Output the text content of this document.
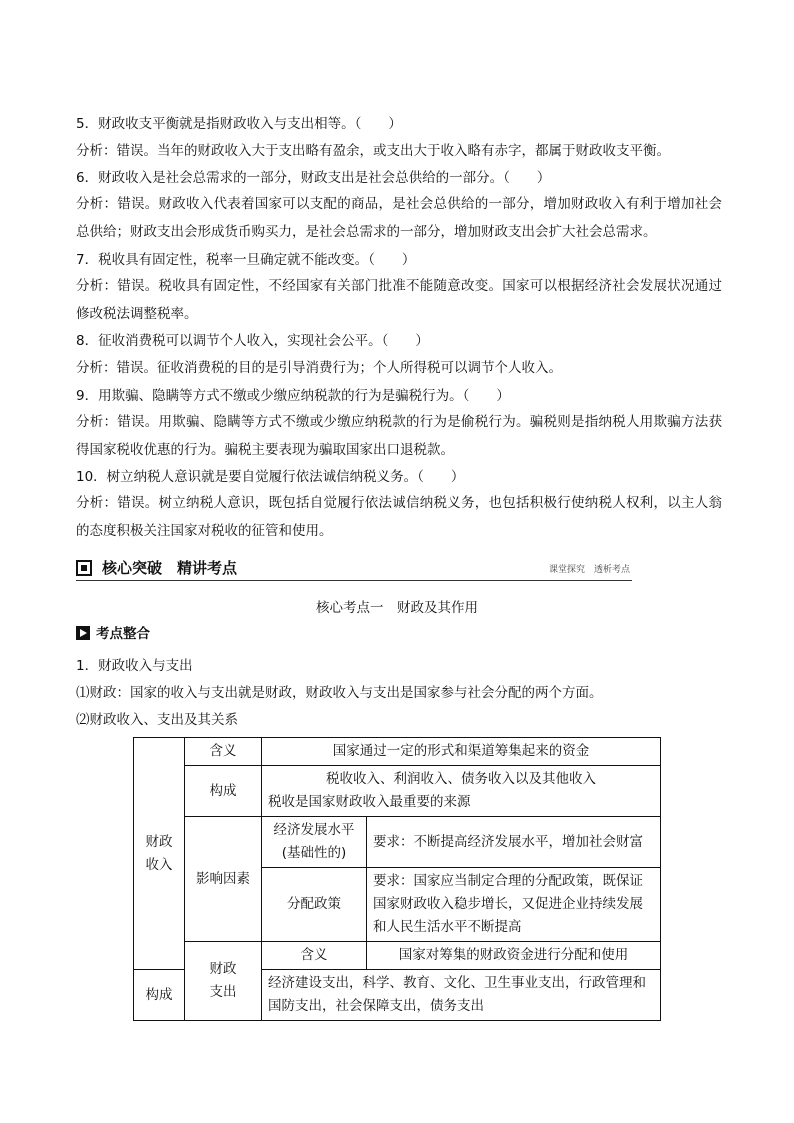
5．财政收支平衡就是指财政收入与支出相等。（　　）
分析：错误。当年的财政收入大于支出略有盈余，或支出大于收入略有赤字，都属于财政收支平衡。
6．财政收入是社会总需求的一部分，财政支出是社会总供给的一部分。（　　）
分析：错误。财政收入代表着国家可以支配的商品，是社会总供给的一部分，增加财政收入有利于增加社会总供给；财政支出会形成货币购买力，是社会总需求的一部分，增加财政支出会扩大社会总需求。
7．税收具有固定性，税率一旦确定就不能改变。（　　）
分析：错误。税收具有固定性，不经国家有关部门批准不能随意改变。国家可以根据经济社会发展状况通过修改税法调整税率。
8．征收消费税可以调节个人收入，实现社会公平。（　　）
分析：错误。征收消费税的目的是引导消费行为；个人所得税可以调节个人收入。
9．用欺骗、隐瞒等方式不缴或少缴应纳税款的行为是骗税行为。（　　）
分析：错误。用欺骗、隐瞒等方式不缴或少缴应纳税款的行为是偷税行为。骗税则是指纳税人用欺骗方法获得国家税收优惠的行为。骗税主要表现为骗取国家出口退税款。
10．树立纳税人意识就是要自觉履行依法诚信纳税义务。（　　）
分析：错误。树立纳税人意识，既包括自觉履行依法诚信纳税义务，也包括积极行使纳税人权利，以主人翁的态度积极关注国家对税收的征管和使用。
核心突破　精讲考点	课堂探究　透析考点
核心考点一　财政及其作用
考点整合
1．财政收入与支出
⑴财政：国家的收入与支出就是财政，财政收入与支出是国家参与社会分配的两个方面。
⑵财政收入、支出及其关系
财政收入	含义	国家通过一定的形式和渠道筹集起来的资金	
	构成	税收收入、利润收入、债务收入以及其他收入
税收是国家财政收入最重要的来源	

	影响因素	经济发展水平(基础性的)	要求：不断提高经济发展水平，增加社会财富
		分配政策	要求：国家应当制定合理的分配政策，既保证国家财政收入稳步增长，又促进企业持续发展和人民生活水平不断提高
	财政支出	含义	国家对筹集的财政资金进行分配和使用
构成		经济建设支出，科学、教育、文化、卫生事业支出，行政管理和国防支出，社会保障支出，债务支出	
